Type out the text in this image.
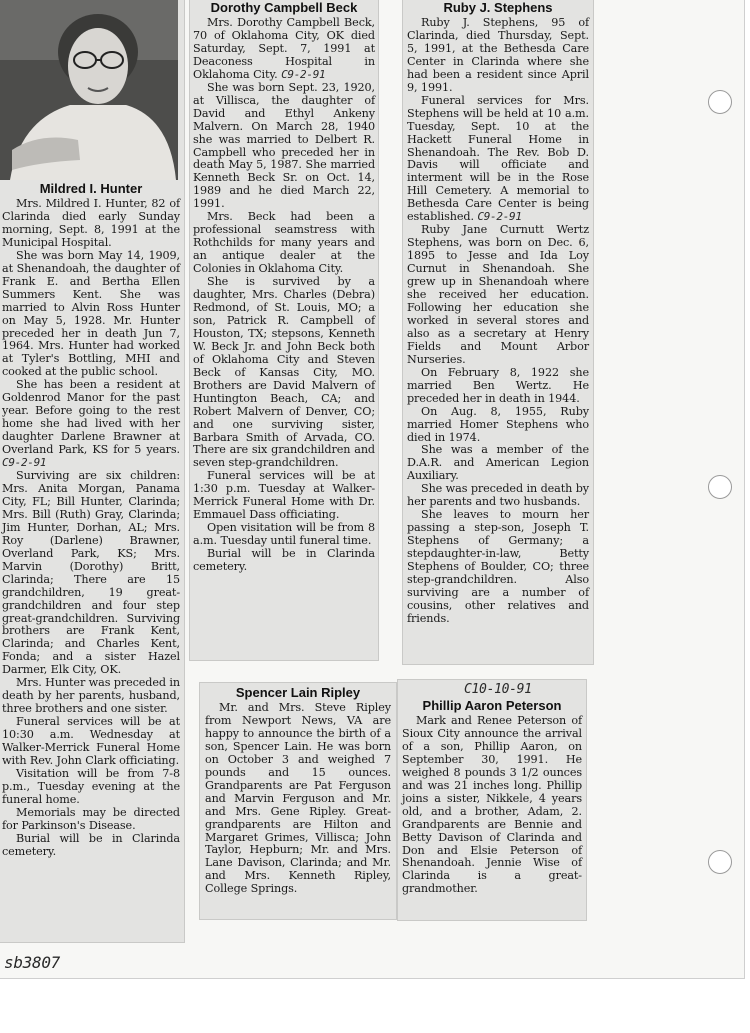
Mildred I. Hunter

Mrs. Mildred I. Hunter, 82 of Clarinda died early Sunday morning, Sept. 8, 1991 at the Municipal Hospital.

She was born May 14, 1909, at Shenandoah, the daughter of Frank E. and Bertha Ellen Summers Kent. She was married to Alvin Ross Hunter on May 5, 1928. Mr. Hunter preceded her in death Jun 7, 1964. Mrs. Hunter had worked at Tyler's Bottling, MHI and cooked at the public school.

She has been a resident at Goldenrod Manor for the past year. Before going to the rest home she had lived with her daughter Darlene Brawner at Overland Park, KS for 5 years. C9-2-91

Surviving are six children: Mrs. Anita Morgan, Panama City, FL; Bill Hunter, Clarinda; Mrs. Bill (Ruth) Gray, Clarinda; Jim Hunter, Dorhan, AL; Mrs. Roy (Darlene) Brawner, Overland Park, KS; Mrs. Marvin (Dorothy) Britt, Clarinda; There are 15 grandchildren, 19 great-grandchildren and four step great-grandchildren. Surviving brothers are Frank Kent, Clarinda; and Charles Kent, Fonda; and a sister Hazel Darmer, Elk City, OK.

Mrs. Hunter was preceded in death by her parents, husband, three brothers and one sister.

Funeral services will be at 10:30 a.m. Wednesday at Walker-Merrick Funeral Home with Rev. John Clark officiating.

Visitation will be from 7-8 p.m., Tuesday evening at the funeral home.

Memorials may be directed for Parkinson's Disease.

Burial will be in Clarinda cemetery.

Dorothy Campbell Beck

Mrs. Dorothy Campbell Beck, 70 of Oklahoma City, OK died Saturday, Sept. 7, 1991 at Deaconess Hospital in Oklahoma City. C9-2-91

She was born Sept. 23, 1920, at Villisca, the daughter of David and Ethyl Ankeny Malvern. On March 28, 1940 she was married to Delbert R. Campbell who preceded her in death May 5, 1987. She married Kenneth Beck Sr. on Oct. 14, 1989 and he died March 22, 1991.

Mrs. Beck had been a professional seamstress with Rothchilds for many years and an antique dealer at the Colonies in Oklahoma City.

She is survived by a daughter, Mrs. Charles (Debra) Redmond, of St. Louis, MO; a son, Patrick R. Campbell of Houston, TX; stepsons, Kenneth W. Beck Jr. and John Beck both of Oklahoma City and Steven Beck of Kansas City, MO. Brothers are David Malvern of Huntington Beach, CA; and Robert Malvern of Denver, CO; and one surviving sister, Barbara Smith of Arvada, CO. There are six grandchildren and seven step-grandchildren.

Funeral services will be at 1:30 p.m. Tuesday at Walker-Merrick Funeral Home with Dr. Emmauel Dass officiating.

Open visitation will be from 8 a.m. Tuesday until funeral time.

Burial will be in Clarinda cemetery.

Ruby J. Stephens

Ruby J. Stephens, 95 of Clarinda, died Thursday, Sept. 5, 1991, at the Bethesda Care Center in Clarinda where she had been a resident since April 9, 1991.

Funeral services for Mrs. Stephens will be held at 10 a.m. Tuesday, Sept. 10 at the Hackett Funeral Home in Shenandoah. The Rev. Bob D. Davis will officiate and interment will be in the Rose Hill Cemetery. A memorial to Bethesda Care Center is being established. C9-2-91

Ruby Jane Curnutt Wertz Stephens, was born on Dec. 6, 1895 to Jesse and Ida Loy Curnut in Shenandoah. She grew up in Shenandoah where she received her education. Following her education she worked in several stores and also as a secretary at Henry Fields and Mount Arbor Nurseries.

On February 8, 1922 she married Ben Wertz. He preceded her in death in 1944.

On Aug. 8, 1955, Ruby married Homer Stephens who died in 1974.

She was a member of the D.A.R. and American Legion Auxiliary.

She was preceded in death by her parents and two husbands.

She leaves to mourn her passing a step-son, Joseph T. Stephens of Germany; a stepdaughter-in-law, Betty Stephens of Boulder, CO; three step-grandchildren. Also surviving are a number of cousins, other relatives and friends.

Spencer Lain Ripley

Mr. and Mrs. Steve Ripley from Newport News, VA are happy to announce the birth of a son, Spencer Lain. He was born on October 3 and weighed 7 pounds and 15 ounces. Grandparents are Pat Ferguson and Marvin Ferguson and Mr. and Mrs. Gene Ripley. Great-grandparents are Hilton and Margaret Grimes, Villisca; John Taylor, Hepburn; Mr. and Mrs. Lane Davison, Clarinda; and Mr. and Mrs. Kenneth Ripley, College Springs.

C10-10-91
Phillip Aaron Peterson

Mark and Renee Peterson of Sioux City announce the arrival of a son, Phillip Aaron, on September 30, 1991. He weighed 8 pounds 3 1/2 ounces and was 21 inches long. Phillip joins a sister, Nikkele, 4 years old, and a brother, Adam, 2. Grandparents are Bennie and Betty Davison of Clarinda and Don and Elsie Peterson of Shenandoah. Jennie Wise of Clarinda is a great-grandmother.

sb3807
